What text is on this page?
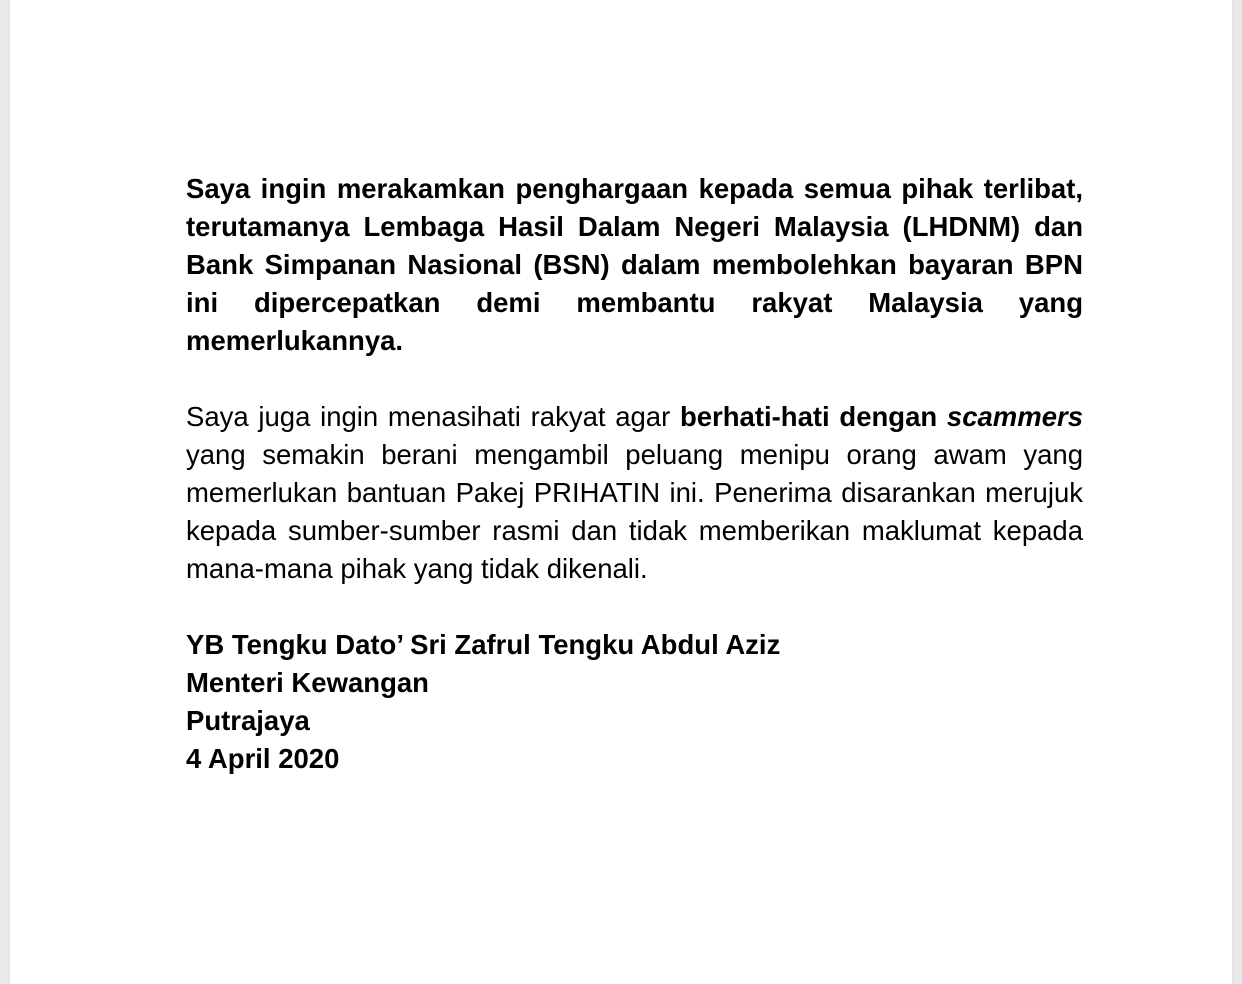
Saya ingin merakamkan penghargaan kepada semua pihak terlibat, terutamanya Lembaga Hasil Dalam Negeri Malaysia (LHDNM) dan Bank Simpanan Nasional (BSN) dalam membolehkan bayaran BPN ini dipercepatkan demi membantu rakyat Malaysia yang memerlukannya.

Saya juga ingin menasihati rakyat agar berhati-hati dengan scammers yang semakin berani mengambil peluang menipu orang awam yang memerlukan bantuan Pakej PRIHATIN ini. Penerima disarankan merujuk kepada sumber-sumber rasmi dan tidak memberikan maklumat kepada mana-mana pihak yang tidak dikenali.

YB Tengku Dato’ Sri Zafrul Tengku Abdul Aziz
Menteri Kewangan
Putrajaya
4 April 2020
